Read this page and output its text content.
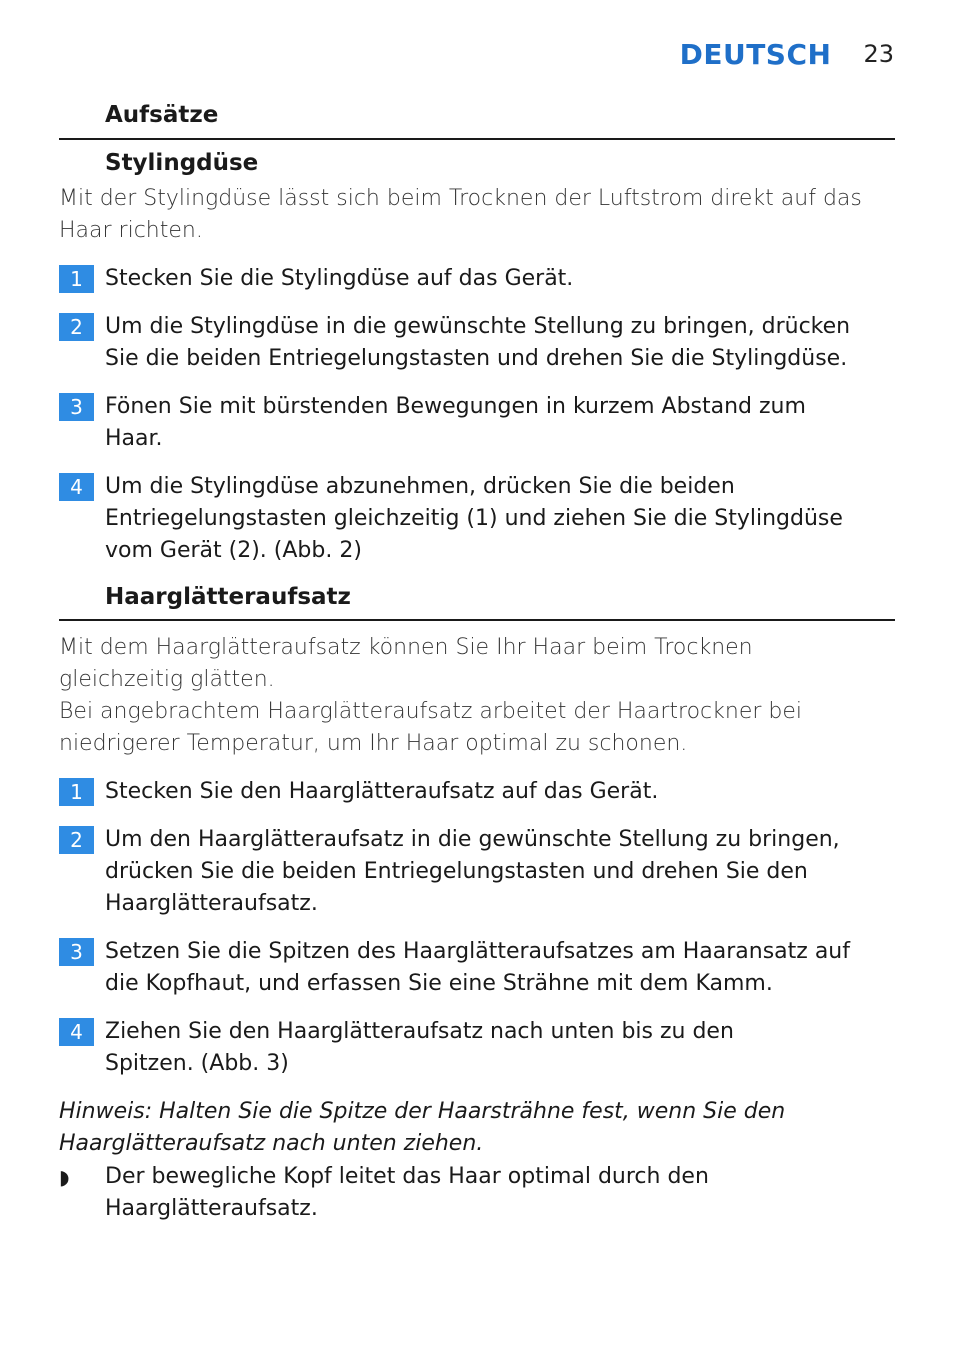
DEUTSCH 23
Aufsätze
Stylingdüse
Mit der Stylingdüse lässt sich beim Trocknen der Luftstrom direkt auf das
Haar richten.
1	Stecken Sie die Stylingdüse auf das Gerät.
2	Um die Stylingdüse in die gewünschte Stellung zu bringen, drücken
Sie die beiden Entriegelungstasten und drehen Sie die Stylingdüse.
3	Fönen Sie mit bürstenden Bewegungen in kurzem Abstand zum
Haar.
4	Um die Stylingdüse abzunehmen, drücken Sie die beiden
Entriegelungstasten gleichzeitig (1) und ziehen Sie die Stylingdüse
vom Gerät (2). (Abb. 2)
Haarglätteraufsatz
Mit dem Haarglätteraufsatz können Sie Ihr Haar beim Trocknen
gleichzeitig glätten.
Bei angebrachtem Haarglätteraufsatz arbeitet der Haartrockner bei
niedrigerer Temperatur, um Ihr Haar optimal zu schonen.
1	Stecken Sie den Haarglätteraufsatz auf das Gerät.
2	Um den Haarglätteraufsatz in die gewünschte Stellung zu bringen,
drücken Sie die beiden Entriegelungstasten und drehen Sie den
Haarglätteraufsatz.
3	Setzen Sie die Spitzen des Haarglätteraufsatzes am Haaransatz auf
die Kopfhaut, und erfassen Sie eine Strähne mit dem Kamm.
4	Ziehen Sie den Haarglätteraufsatz nach unten bis zu den
Spitzen. (Abb. 3)
Hinweis: Halten Sie die Spitze der Haarsträhne fest, wenn Sie den
Haarglätteraufsatz nach unten ziehen.
◗ Der bewegliche Kopf leitet das Haar optimal durch den
Haarglätteraufsatz.
